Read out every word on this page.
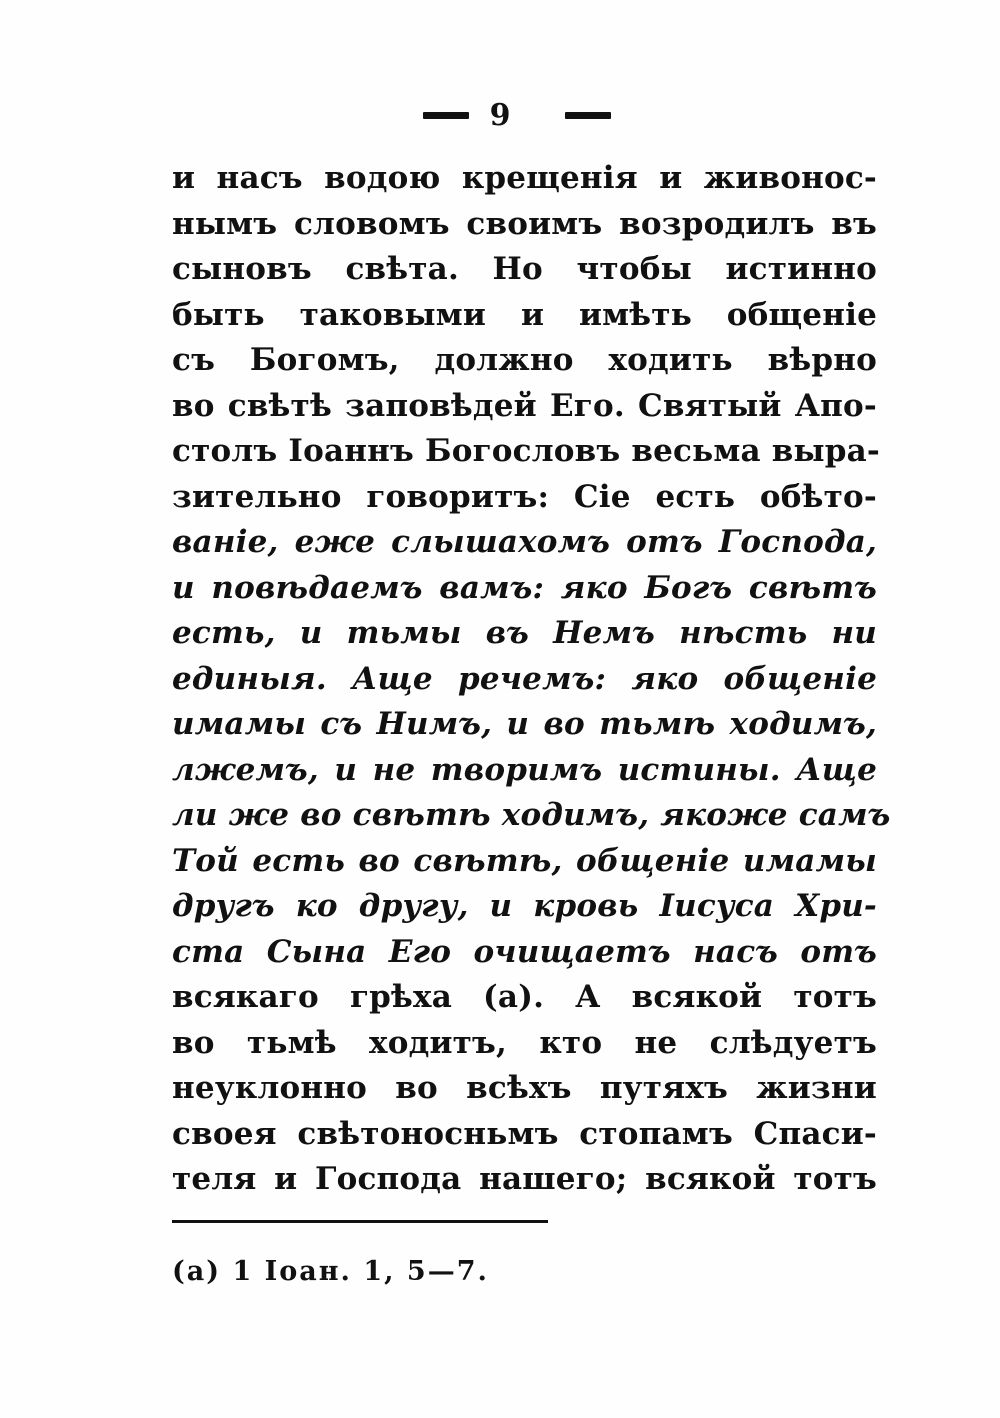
9
и насъ водою крещенія и живонос-
нымъ словомъ своимъ возродилъ въ
сыновъ свѣта. Но чтобы истинно
быть таковыми и имѣть общеніе
съ Богомъ, должно ходить вѣрно
во свѣтѣ заповѣдей Его. Святый Апо-
столъ Іоаннъ Богословъ весьма выра-
зительно говоритъ: Сіе есть обѣто-
ваніе, еже слышахомъ отъ Господа,
и повѣдаемъ вамъ: яко Богъ свѣтъ
есть, и тьмы въ Немъ нѣсть ни
единыя. Аще речемъ: яко общеніе
имамы съ Нимъ, и во тьмѣ ходимъ,
лжемъ, и не творимъ истины. Аще
ли же во свѣтѣ ходимъ, якоже самъ
Той есть во свѣтѣ, общеніе имамы
другъ ко другу, и кровь Іисуса Хри-
ста Сына Его очищаетъ насъ отъ
всякаго грѣха (а). А всякой тотъ
во тьмѣ ходитъ, кто не слѣдуетъ
неуклонно во всѣхъ путяхъ жизни
своея свѣтоносньмъ стопамъ Спаси-
теля и Господа нашего; всякой тотъ
(а) 1 Іоан. 1, 5—7.
